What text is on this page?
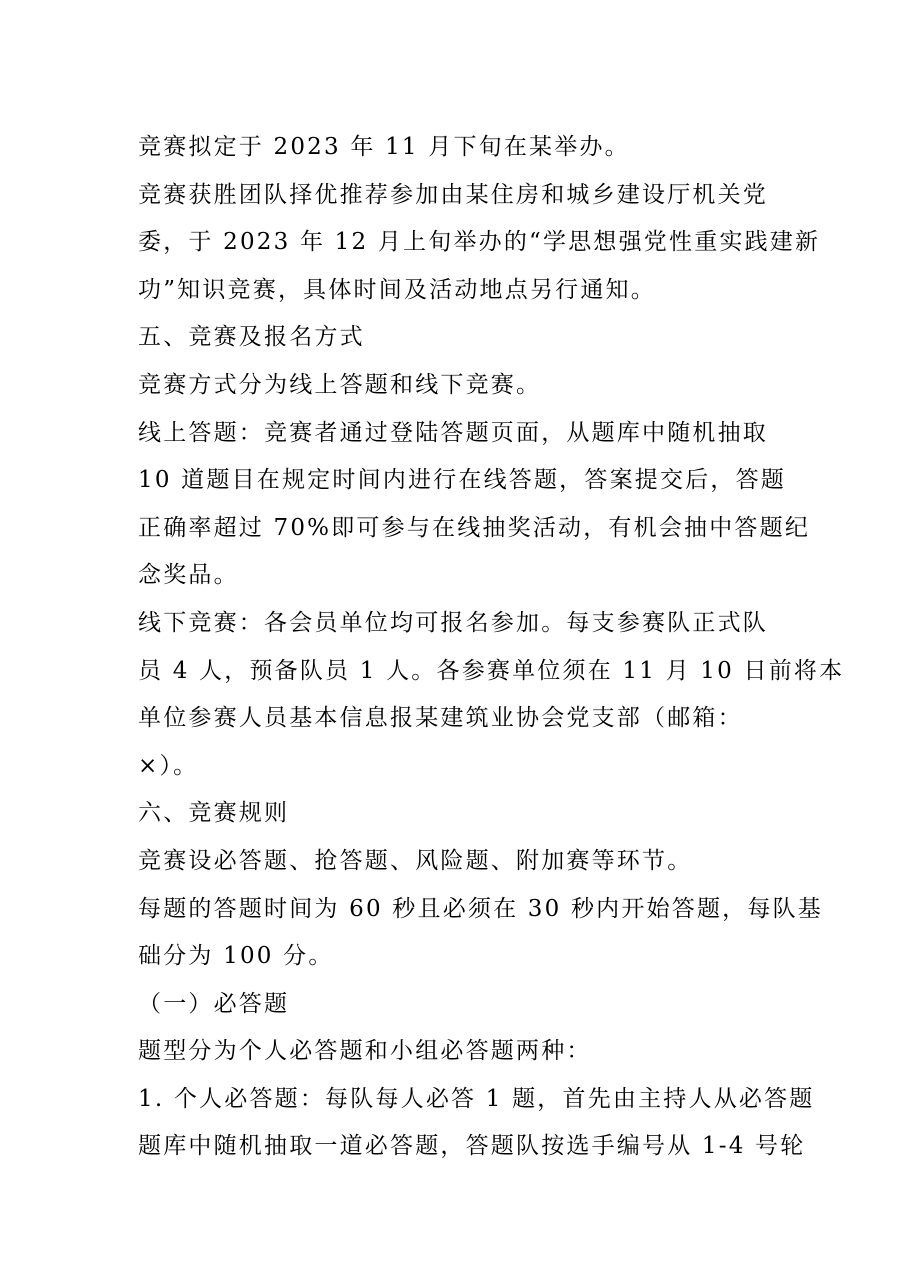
竞赛拟定于 2023 年 11 月下旬在某举办。
竞赛获胜团队择优推荐参加由某住房和城乡建设厅机关党
委，于 2023 年 12 月上旬举办的“学思想强党性重实践建新
功”知识竞赛，具体时间及活动地点另行通知。
五、竞赛及报名方式
竞赛方式分为线上答题和线下竞赛。
线上答题：竞赛者通过登陆答题页面，从题库中随机抽取
10 道题目在规定时间内进行在线答题，答案提交后，答题
正确率超过 70%即可参与在线抽奖活动，有机会抽中答题纪
念奖品。
线下竞赛：各会员单位均可报名参加。每支参赛队正式队
员 4 人，预备队员 1 人。各参赛单位须在 11 月 10 日前将本
单位参赛人员基本信息报某建筑业协会党支部（邮箱：
×）。
六、竞赛规则
竞赛设必答题、抢答题、风险题、附加赛等环节。
每题的答题时间为 60 秒且必须在 30 秒内开始答题，每队基
础分为 100 分。
（一）必答题
题型分为个人必答题和小组必答题两种：
1. 个人必答题：每队每人必答 1 题，首先由主持人从必答题
题库中随机抽取一道必答题，答题队按选手编号从 1-4 号轮
